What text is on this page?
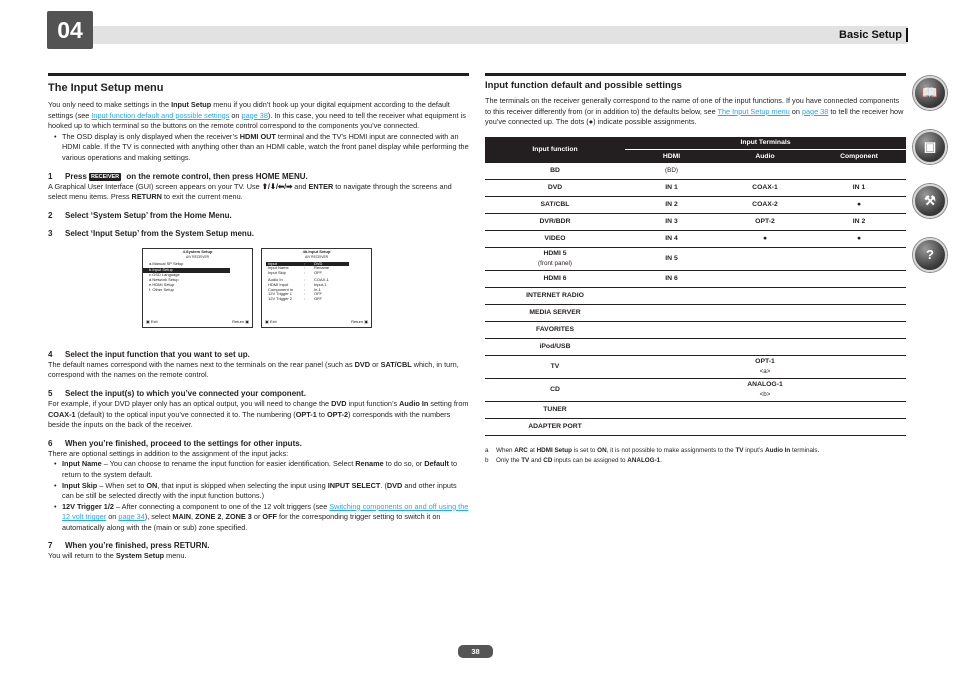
04	Basic Setup
The Input Setup menu

You only need to make settings in the Input Setup menu if you didn’t hook up your digital equipment according to the default settings (see Input function default and possible settings on page 38). In this case, you need to tell the receiver what equipment is hooked up to which terminal so the buttons on the remote control correspond to the components you’ve connected.

• The OSD display is only displayed when the receiver’s HDMI OUT terminal and the TV’s HDMI input are connected with an HDMI cable. If the TV is connected with anything other than an HDMI cable, watch the front panel display while performing the various operations and making settings.

1	Press RECEIVER on the remote control, then press HOME MENU.

A Graphical User Interface (GUI) screen appears on your TV. Use ⬆/⬇/⬅/➡ and ENTER to navigate through the screens and select menu items. Press RETURN to exit the current menu.

2	Select ‘System Setup’ from the Home Menu.
3	Select ‘Input Setup’ from the System Setup menu.
4.System Setup
A/V RECEIVER
a.Manual SP Setup
b.Input Setup
c.OSD Language
d.Network Setup
e.HDMI Setup
f. Other Setup
▣ Exit	Return ▣
4b.Input Setup
A/V RECEIVER
Input	:	DVD
Input Name	:	Rename
Input Skip	:	OFF
Audio In	:	COAX-1
HDMI Input	:	Input-1
Component In	:	In-1
12V Trigger 1	:	OFF
12V Trigger 2	:	OFF
▣ Exit	Return ▣
4	Select the input function that you want to set up.

The default names correspond with the names next to the terminals on the rear panel (such as DVD or SAT/CBL which, in turn, correspond with the names on the remote control.

5	Select the input(s) to which you’ve connected your component.

For example, if your DVD player only has an optical output, you will need to change the DVD input function’s Audio In setting from COAX-1 (default) to the optical input you’ve connected it to. The numbering (OPT-1 to OPT-2) corresponds with the numbers beside the inputs on the back of the receiver.

6	When you’re finished, proceed to the settings for other inputs.

There are optional settings in addition to the assignment of the input jacks:

• Input Name – You can choose to rename the input function for easier identification. Select Rename to do so, or Default to return to the system default.

• Input Skip – When set to ON, that input is skipped when selecting the input using INPUT SELECT. (DVD and other inputs can be still be selected directly with the input function buttons.)

• 12V Trigger 1/2 – After connecting a component to one of the 12 volt triggers (see Switching components on and off using the 12 volt trigger on page 34), select MAIN, ZONE 2, ZONE 3 or OFF for the corresponding trigger setting to switch it on automatically along with the (main or sub) zone specified.

7	When you’re finished, press RETURN.

You will return to the System Setup menu.

Input function default and possible settings

The terminals on the receiver generally correspond to the name of one of the input functions. If you have connected components to this receiver differently from (or in addition to) the defaults below, see The Input Setup menu on page 38 to tell the receiver how you’ve connected up. The dots (●) indicate possible assignments.

Input function	Input Terminals		
	HDMI	Audio	Component
BD	(BD)		
DVD	IN 1	COAX-1	IN 1
SAT/CBL	IN 2	COAX-2	●
DVR/BDR	IN 3	OPT-2	IN 2
VIDEO	IN 4	●	●
HDMI 5
(front panel)	IN 5		
HDMI 6	IN 6		
INTERNET RADIO			
MEDIA SERVER			
FAVORITES			
iPod/USB			
TV		OPT-1
<a>	

CD		ANALOG-1
<b>	

TUNER			
ADAPTER PORT			

a When ARC at HDMI Setup is set to ON, it is not possible to make assignments to the TV input’s Audio In terminals.

b Only the TV and CD inputs can be assigned to ANALOG-1.

38
📖
▣
⚒
?
